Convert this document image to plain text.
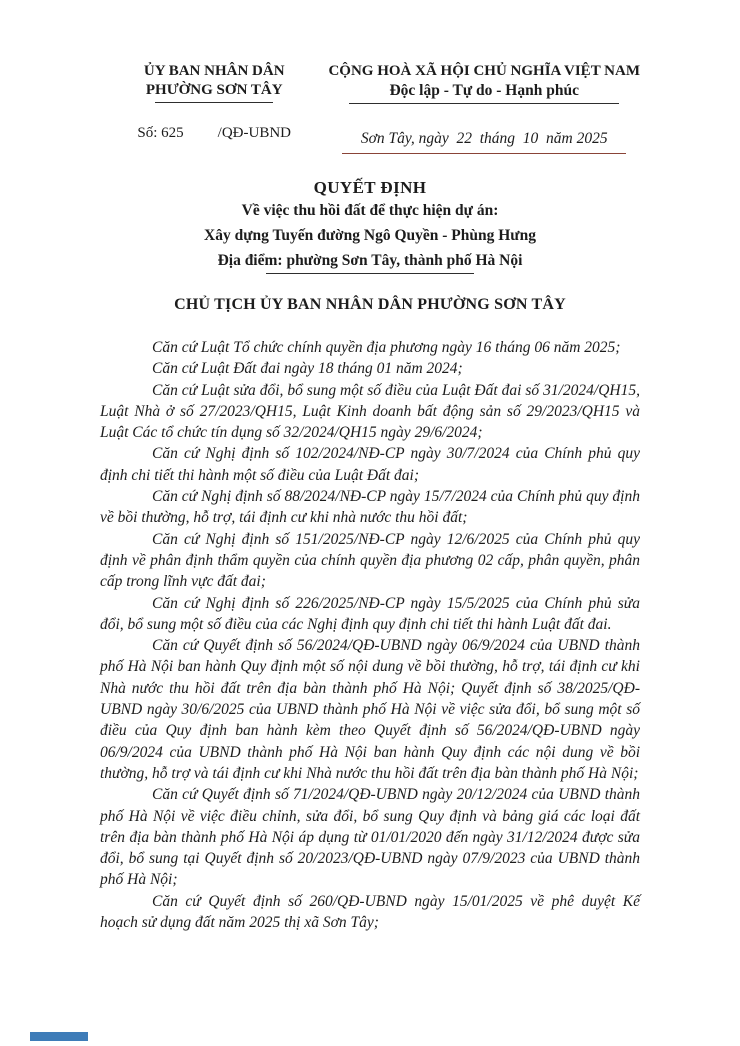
ỦY BAN NHÂN DÂN
PHƯỜNG SƠN TÂY
Số: 625 /QĐ-UBND
CỘNG HOÀ XÃ HỘI CHỦ NGHĨA VIỆT NAM
Độc lập - Tự do - Hạnh phúc
Sơn Tây, ngày  22  tháng  10  năm 2025
QUYẾT ĐỊNH
Về việc thu hồi đất để thực hiện dự án:
Xây dựng Tuyến đường Ngô Quyền - Phùng Hưng
Địa điểm: phường Sơn Tây, thành phố Hà Nội
CHỦ TỊCH ỦY BAN NHÂN DÂN PHƯỜNG SƠN TÂY

Căn cứ Luật Tổ chức chính quyền địa phương ngày 16 tháng 06 năm 2025;

Căn cứ Luật Đất đai ngày 18 tháng 01 năm 2024;

Căn cứ Luật sửa đổi, bổ sung một số điều của Luật Đất đai số 31/2024/QH15, Luật Nhà ở số 27/2023/QH15, Luật Kinh doanh bất động sản số 29/2023/QH15 và Luật Các tổ chức tín dụng số 32/2024/QH15 ngày 29/6/2024;

Căn cứ Nghị định số 102/2024/NĐ-CP ngày 30/7/2024 của Chính phủ quy định chi tiết thi hành một số điều của Luật Đất đai;

Căn cứ Nghị định số 88/2024/NĐ-CP ngày 15/7/2024 của Chính phủ quy định về bồi thường, hỗ trợ, tái định cư khi nhà nước thu hồi đất;

Căn cứ Nghị định số 151/2025/NĐ-CP ngày 12/6/2025 của Chính phủ quy định về phân định thẩm quyền của chính quyền địa phương 02 cấp, phân quyền, phân cấp trong lĩnh vực đất đai;

Căn cứ Nghị định số 226/2025/NĐ-CP ngày 15/5/2025 của Chính phủ sửa đổi, bổ sung một số điều của các Nghị định quy định chi tiết thi hành Luật đất đai.

Căn cứ Quyết định số 56/2024/QĐ-UBND ngày 06/9/2024 của UBND thành phố Hà Nội ban hành Quy định một số nội dung về bồi thường, hỗ trợ, tái định cư khi Nhà nước thu hồi đất trên địa bàn thành phố Hà Nội; Quyết định số 38/2025/QĐ-UBND ngày 30/6/2025 của UBND thành phố Hà Nội về việc sửa đổi, bổ sung một số điều của Quy định ban hành kèm theo Quyết định số 56/2024/QĐ-UBND ngày 06/9/2024 của UBND thành phố Hà Nội ban hành Quy định các nội dung về bồi thường, hỗ trợ và tái định cư khi Nhà nước thu hồi đất trên địa bàn thành phố Hà Nội;

Căn cứ Quyết định số 71/2024/QĐ-UBND ngày 20/12/2024 của UBND thành phố Hà Nội về việc điều chỉnh, sửa đổi, bổ sung Quy định và bảng giá các loại đất trên địa bàn thành phố Hà Nội áp dụng từ 01/01/2020 đến ngày 31/12/2024 được sửa đổi, bổ sung tại Quyết định số 20/2023/QĐ-UBND ngày 07/9/2023 của UBND thành phố Hà Nội;

Căn cứ Quyết định số 260/QĐ-UBND ngày 15/01/2025 về phê duyệt Kế hoạch sử dụng đất năm 2025 thị xã Sơn Tây;
